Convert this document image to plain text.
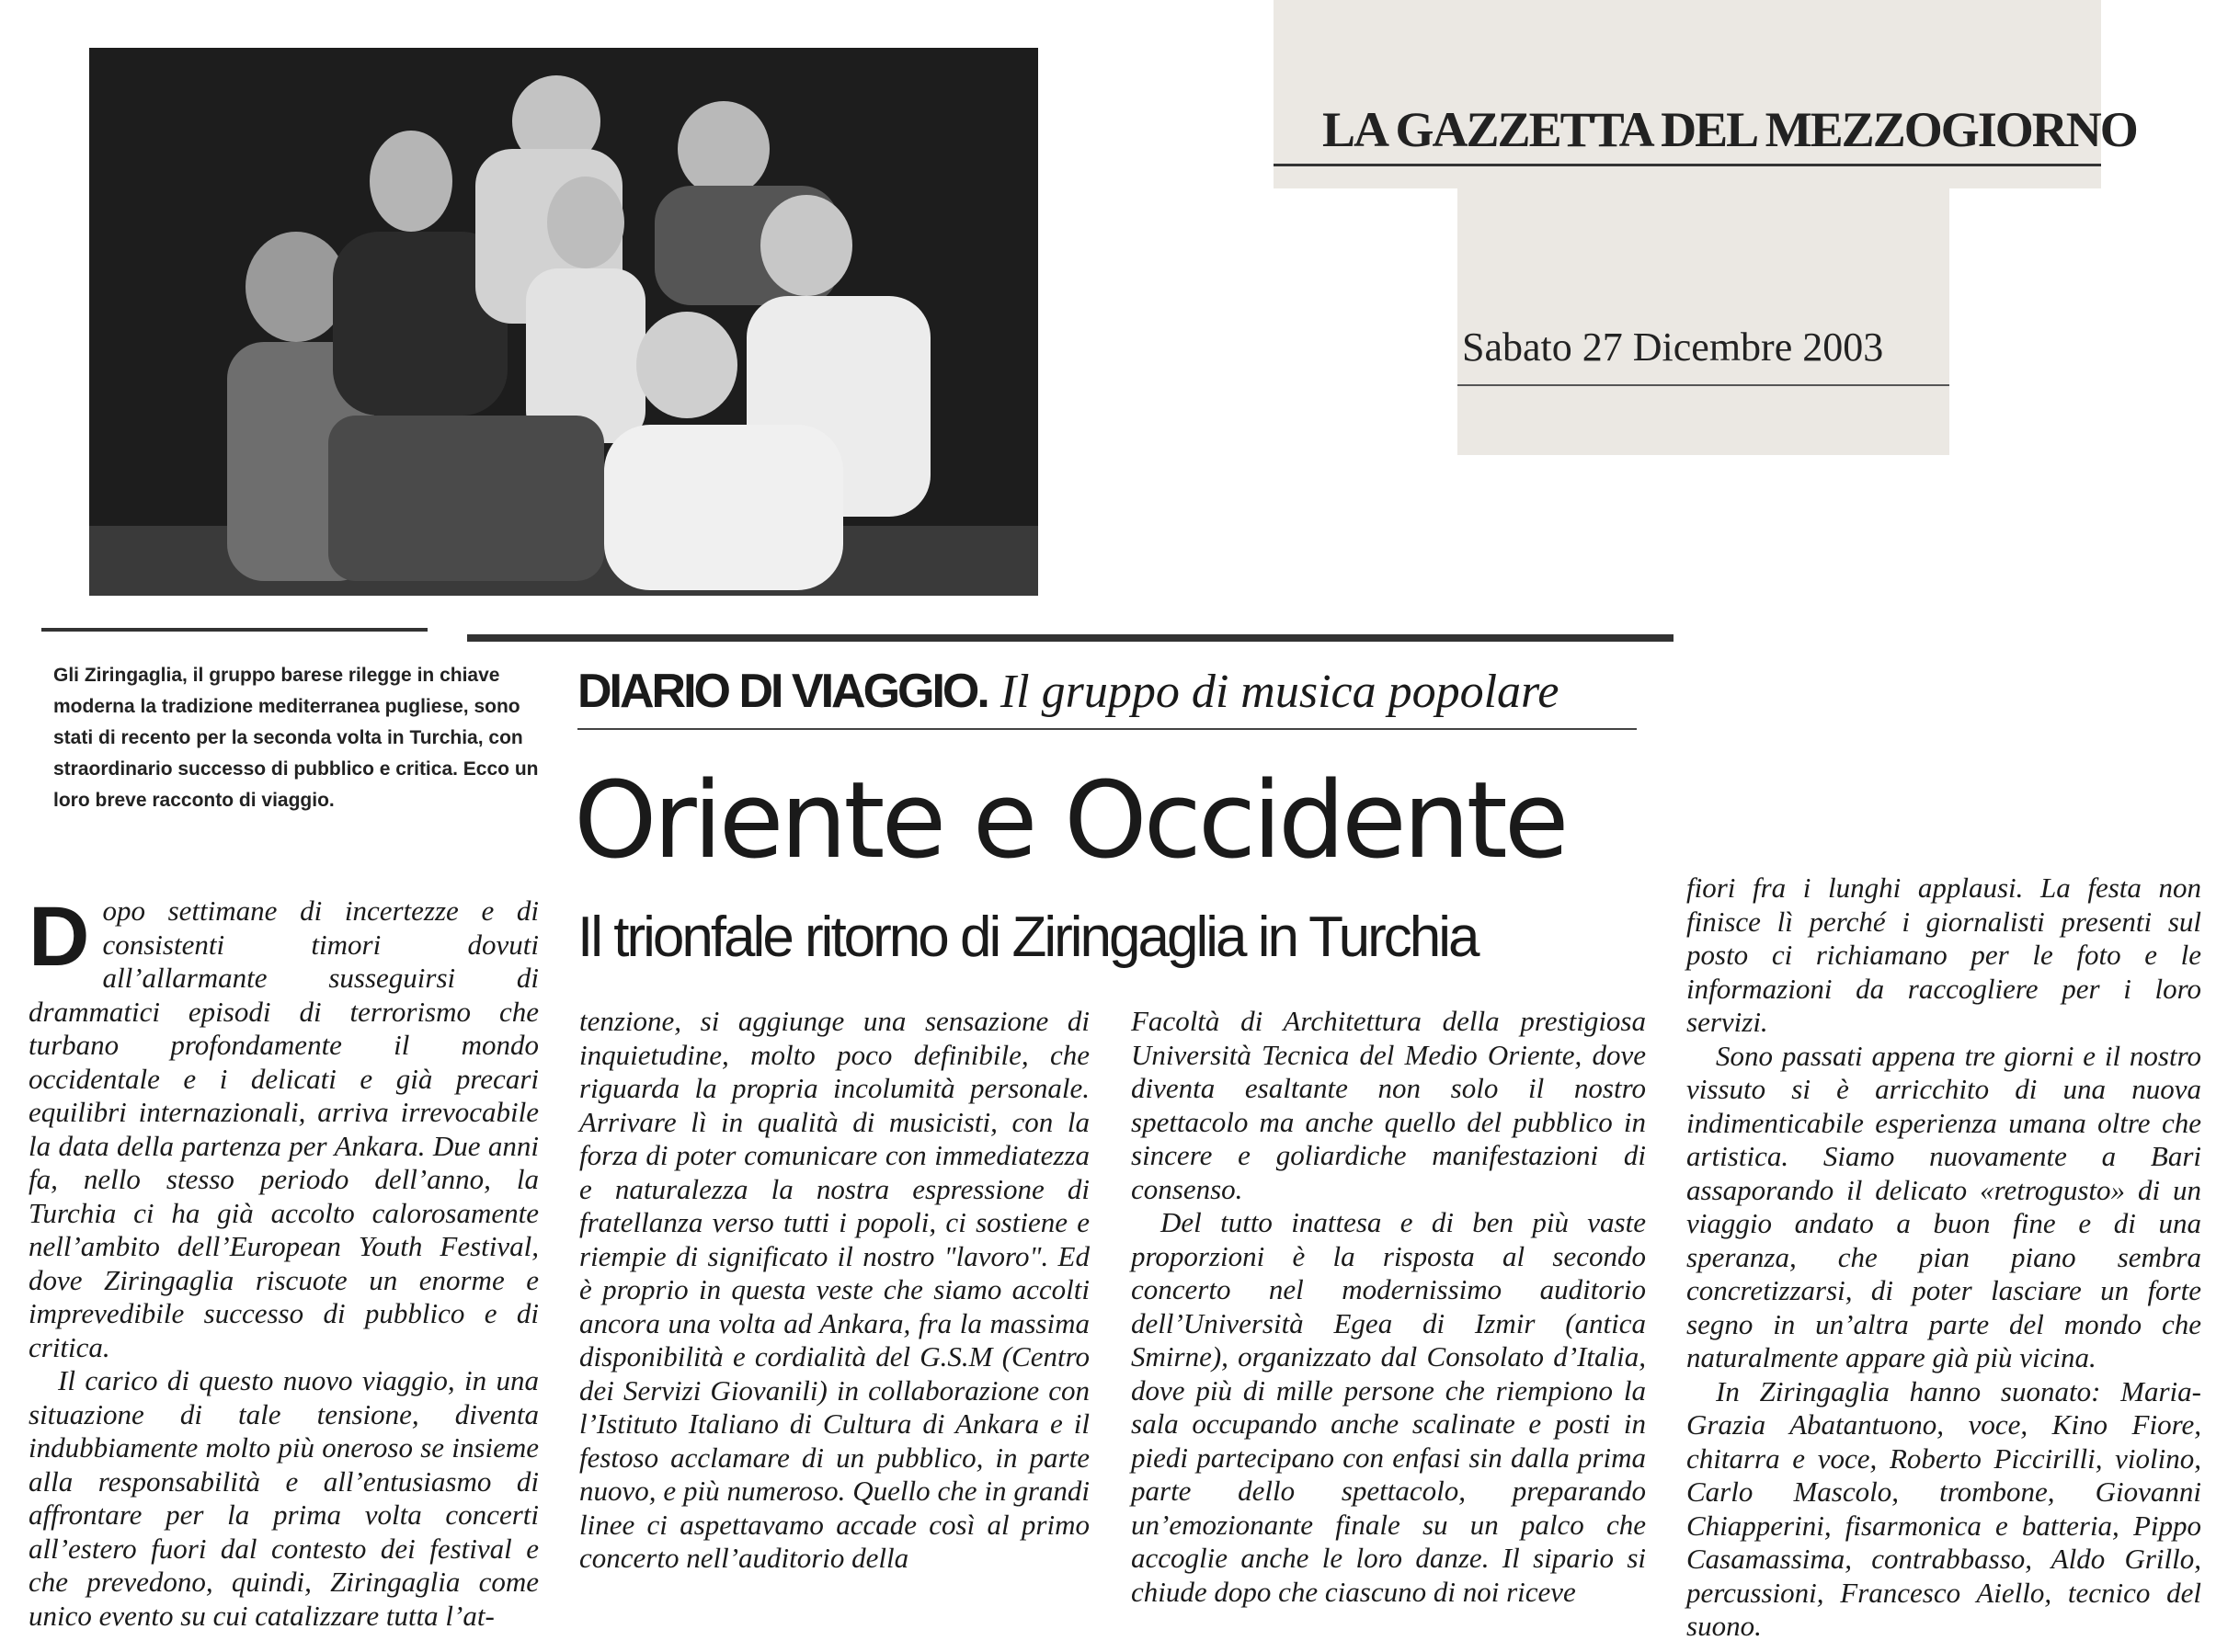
LA GAZZETTA DEL MEZZOGIORNO
Sabato 27 Dicembre 2003
Gli Ziringaglia, il gruppo barese rilegge in chiave moderna la tradizione mediterranea pugliese, sono stati di recento per la seconda volta in Turchia, con straordinario successo di pubblico e critica. Ecco un loro breve racconto di viaggio.
DIARIO DI VIAGGIO. Il gruppo di musica popolare
Oriente e Occidente
Il trionfale ritorno di Ziringaglia in Turchia

Dopo settimane di incertezze e di consistenti timori dovuti all’allarmante susseguirsi di drammatici episodi di terrorismo che turbano profondamente il mondo occidentale e i delicati e già precari equilibri internazionali, arriva irrevocabile la data della partenza per Ankara. Due anni fa, nello stesso periodo dell’anno, la Turchia ci ha già accolto calorosamente nell’ambito dell’European Youth Festival, dove Ziringaglia riscuote un enorme e imprevedibile successo di pubblico e di critica.

Il carico di questo nuovo viaggio, in una situazione di tale tensione, diventa indubbiamente molto più oneroso se insieme alla responsabilità e all’entusiasmo di affrontare per la prima volta concerti all’estero fuori dal contesto dei festival e che prevedono, quindi, Ziringaglia come unico evento su cui catalizzare tutta l’at-

tenzione, si aggiunge una sensazione di inquietudine, molto poco definibile, che riguarda la propria incolumità personale. Arrivare lì in qualità di musicisti, con la forza di poter comunicare con immediatezza e naturalezza la nostra espressione di fratellanza verso tutti i popoli, ci sostiene e riempie di significato il nostro "lavoro". Ed è proprio in questa veste che siamo accolti ancora una volta ad Ankara, fra la massima disponibilità e cordialità del G.S.M (Centro dei Servizi Giovanili) in collaborazione con l’Istituto Italiano di Cultura di Ankara e il festoso acclamare di un pubblico, in parte nuovo, e più numeroso. Quello che in grandi linee ci aspettavamo accade così al primo concerto nell’auditorio della

Facoltà di Architettura della prestigiosa Università Tecnica del Medio Oriente, dove diventa esaltante non solo il nostro spettacolo ma anche quello del pubblico in sincere e goliardiche manifestazioni di consenso.

Del tutto inattesa e di ben più vaste proporzioni è la risposta al secondo concerto nel modernissimo auditorio dell’Università Egea di Izmir (antica Smirne), organizzato dal Consolato d’Italia, dove più di mille persone che riempiono la sala occupando anche scalinate e posti in piedi partecipano con enfasi sin dalla prima parte dello spettacolo, preparando un’emozionante finale su un palco che accoglie anche le loro danze. Il sipario si chiude dopo che ciascuno di noi riceve

fiori fra i lunghi applausi. La festa non finisce lì perché i giornalisti presenti sul posto ci richiamano per le foto e le informazioni da raccogliere per i loro servizi.

Sono passati appena tre giorni e il nostro vissuto si è arricchito di una nuova indimenticabile esperienza umana oltre che artistica. Siamo nuovamente a Bari assaporando il delicato «retrogusto» di un viaggio andato a buon fine e di una speranza, che pian piano sembra concretizzarsi, di poter lasciare un forte segno in un’altra parte del mondo che naturalmente appare già più vicina.

In Ziringaglia hanno suonato: Maria-Grazia Abatantuono, voce, Kino Fiore, chitarra e voce, Roberto Piccirilli, violino, Carlo Mascolo, trombone, Giovanni Chiapperini, fisarmonica e batteria, Pippo Casamassima, contrabbasso, Aldo Grillo, percussioni, Francesco Aiello, tecnico del suono.
